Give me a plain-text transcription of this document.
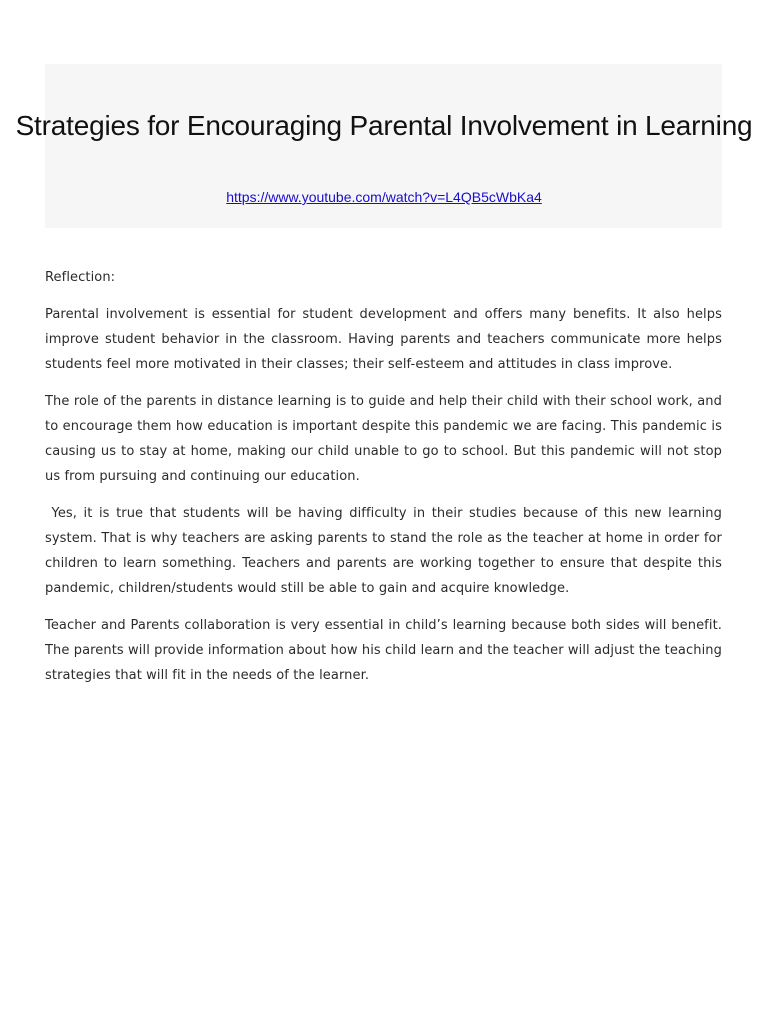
Strategies for Encouraging Parental Involvement in Learning
https://www.youtube.com/watch?v=L4QB5cWbKa4

Reflection:

Parental involvement is essential for student development and offers many benefits. It also helps improve student behavior in the classroom. Having parents and teachers communicate more helps students feel more motivated in their classes; their self-esteem and attitudes in class improve.

The role of the parents in distance learning is to guide and help their child with their school work, and to encourage them how education is important despite this pandemic we are facing. This pandemic is causing us to stay at home, making our child unable to go to school. But this pandemic will not stop us from pursuing and continuing our education.

Yes, it is true that students will be having difficulty in their studies because of this new learning system. That is why teachers are asking parents to stand the role as the teacher at home in order for children to learn something. Teachers and parents are working together to ensure that despite this pandemic, children/students would still be able to gain and acquire knowledge.

Teacher and Parents collaboration is very essential in child’s learning because both sides will benefit. The parents will provide information about how his child learn and the teacher will adjust the teaching strategies that will fit in the needs of the learner.
